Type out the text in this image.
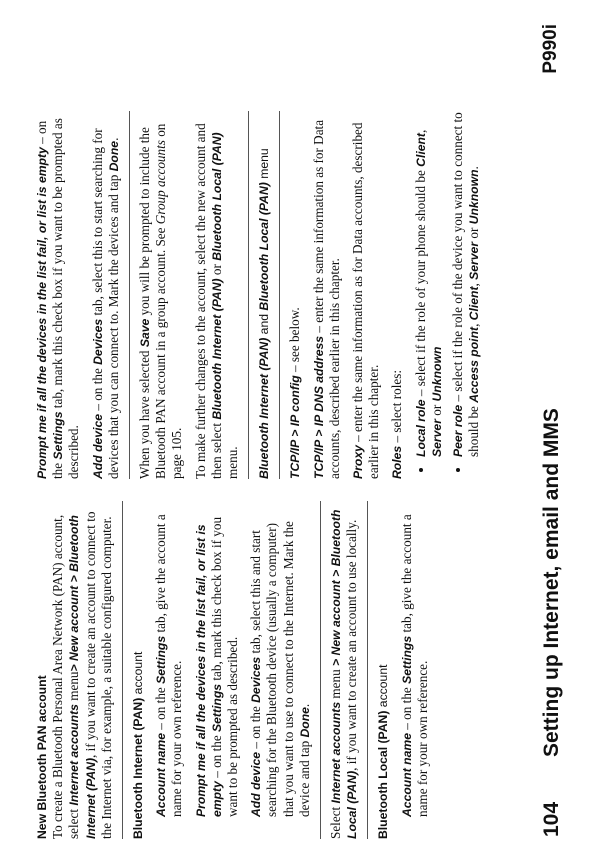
New Bluetooth PAN account To create a Bluetooth Personal Area Network (PAN) account, select Internet accounts menu> New account > Bluetooth Internet (PAN), if you want to create an account to connect to the Internet via, for example, a suitable configured computer. Bluetooth Internet (PAN) account

Account name – on the Settings tab, give the account a name for your own reference. Prompt me if all the devices in the list fail, or list is empty – on the Settings tab, mark this check box if you want to be prompted as described. Add device – on the Devices tab, select this and start searching for the Bluetooth device (usually a computer) that you want to use to connect to the Internet. Mark the device and tap Done.

Select Internet accounts menu > New account > Bluetooth Local (PAN), if you want to create an account to use locally.

Bluetooth Local (PAN) account

Account name – on the Settings tab, give the account a name for your own reference.

Prompt me if all the devices in the list fail, or list is empty – on the Settings tab, mark this check box if you want to be prompted as described. Add device – on the Devices tab, select this to start searching for devices that you can connect to. Mark the devices and tap Done.

When you have selected Save you will be prompted to include the Bluetooth PAN account in a group account. See Group accounts on page 105. To make further changes to the account, select the new account and then select Bluetooth Internet (PAN) or Bluetooth Local (PAN) menu. Bluetooth Internet (PAN) and Bluetooth Local (PAN) menu

TCP/IP > IP config – see below. TCP/IP > IP DNS address – enter the same information as for Data accounts, described earlier in this chapter. Proxy – enter the same information as for Data accounts, described earlier in this chapter. Roles – select roles:

• Local role – select if the role of your phone should be Client, Server or Unknown
• Peer role – select if the role of the device you want to connect to should be Access point, Client, Server or Unknown.
104
Setting up Internet, email and MMS
P990i
